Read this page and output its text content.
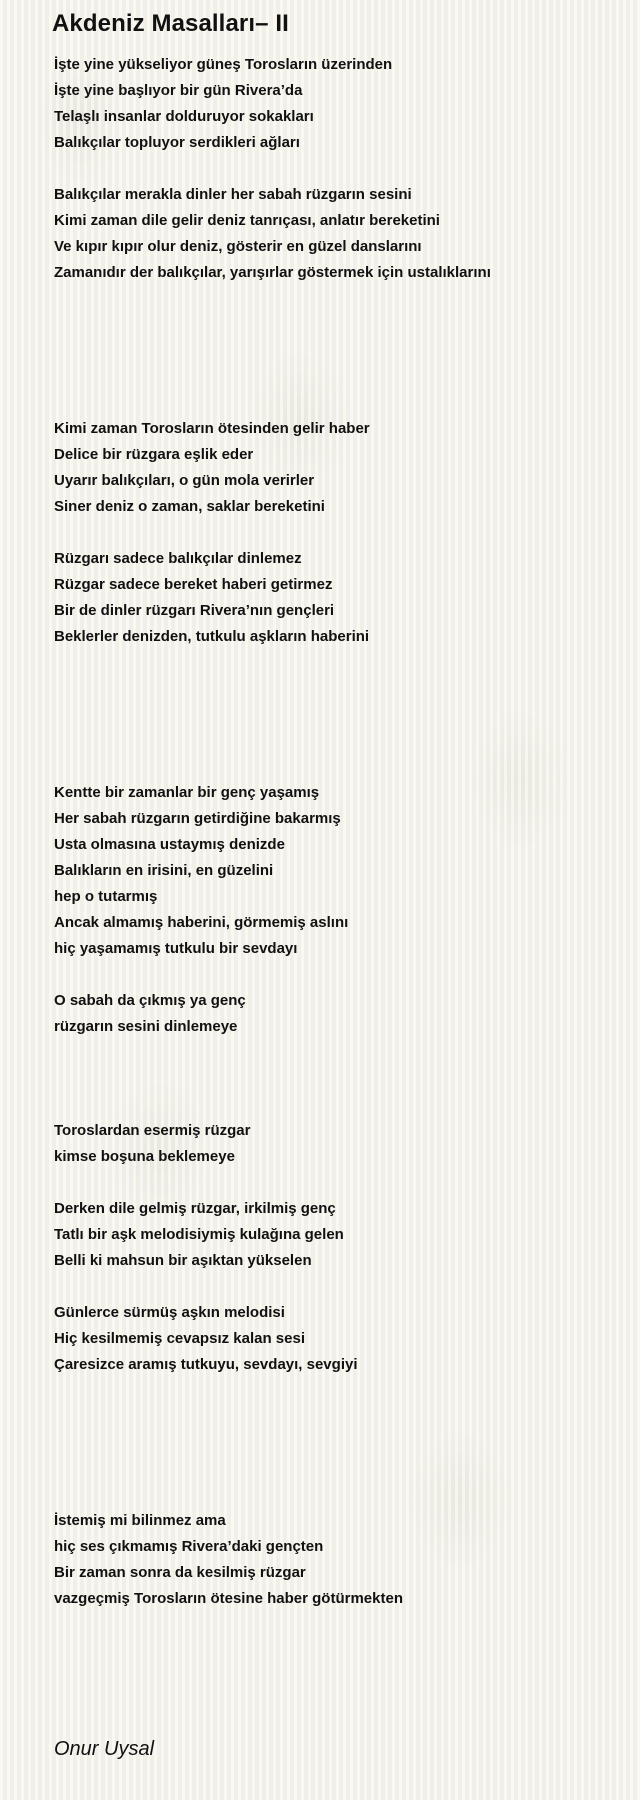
Akdeniz Masalları– II
İşte yine yükseliyor güneş Torosların üzerinden
İşte yine başlıyor bir gün Rivera’da
Telaşlı insanlar dolduruyor sokakları
Balıkçılar topluyor serdikleri ağları
Balıkçılar merakla dinler her sabah rüzgarın sesini
Kimi zaman dile gelir deniz tanrıçası, anlatır bereketini
Ve kıpır kıpır olur deniz, gösterir en güzel danslarını
Zamanıdır der balıkçılar, yarışırlar göstermek için ustalıklarını
Kimi zaman Torosların ötesinden gelir haber
Delice bir rüzgara eşlik eder
Uyarır balıkçıları, o gün mola verirler
Siner deniz o zaman, saklar bereketini
Rüzgarı sadece balıkçılar dinlemez
Rüzgar sadece bereket haberi getirmez
Bir de dinler rüzgarı Rivera’nın gençleri
Beklerler denizden, tutkulu aşkların haberini
Kentte bir zamanlar bir genç yaşamış
Her sabah rüzgarın getirdiğine bakarmış
Usta olmasına ustaymış denizde
Balıkların en irisini, en güzelini
hep o tutarmış
Ancak almamış haberini, görmemiş aslını
hiç yaşamamış tutkulu bir sevdayı
O sabah da çıkmış ya genç
rüzgarın sesini dinlemeye
Toroslardan esermiş rüzgar
kimse boşuna beklemeye
Derken dile gelmiş rüzgar, irkilmiş genç
Tatlı bir aşk melodisiymiş kulağına gelen
Belli ki mahsun bir aşıktan yükselen
Günlerce sürmüş aşkın melodisi
Hiç kesilmemiş cevapsız kalan sesi
Çaresizce aramış tutkuyu, sevdayı, sevgiyi
İstemiş mi bilinmez ama
hiç ses çıkmamış Rivera’daki gençten
Bir zaman sonra da kesilmiş rüzgar
vazgeçmiş Torosların ötesine haber götürmekten
Onur Uysal
